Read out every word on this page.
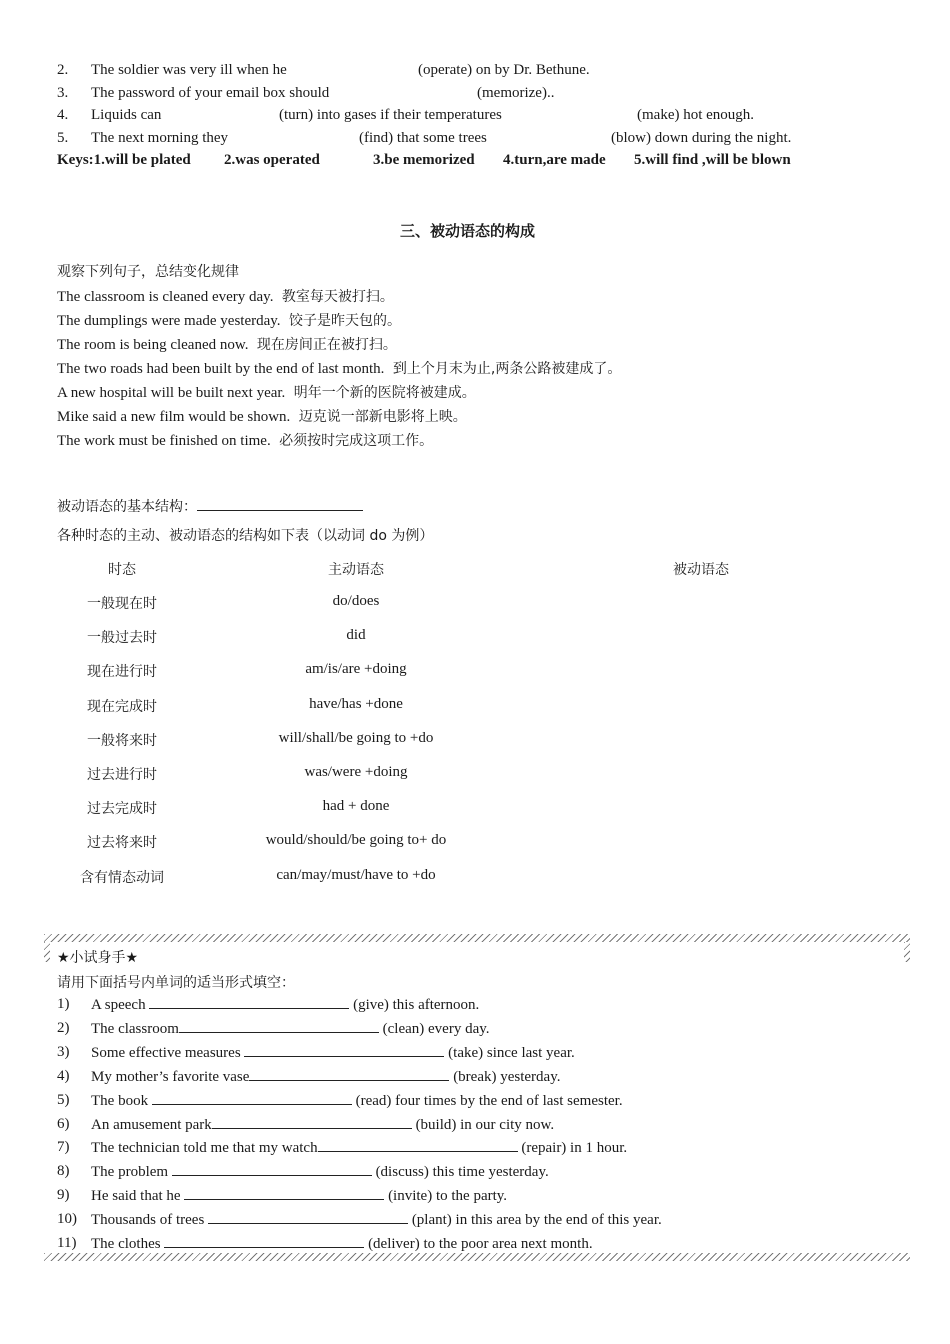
2. The soldier was very ill when he	(operate) on by Dr. Bethune.
3. The password of your email box should	(memorize)..
4. Liquids can	(turn) into gases if their temperatures	(make) hot enough.
5. The next morning they	(find) that some trees	(blow) down during the night.
Keys:1.will be plated 2.was operated	3.be memorized 4.turn,are made 5.will find ,will be blown
三、被动语态的构成
观察下列句子，总结变化规律
The classroom is cleaned every day. 教室每天被打扫。
The dumplings were made yesterday. 饺子是昨天包的。
The room is being cleaned now. 现在房间正在被打扫。
The two roads had been built by the end of last month. 到上个月末为止,两条公路被建成了。
A new hospital will be built next year. 明年一个新的医院将被建成。
Mike said a new film would be shown. 迈克说一部新电影将上映。
The work must be finished on time. 必须按时完成这项工作。
被动语态的基本结构：
各种时态的主动、被动语态的结构如下表（以动词 do 为例）
时态	主动语态	被动语态
一般现在时	do/does
一般过去时	did
现在进行时	am/is/are +doing
现在完成时	have/has +done
一般将来时	will/shall/be going to +do
过去进行时	was/were +doing
过去完成时	had + done
过去将来时	would/should/be going to+ do
含有情态动词	can/may/must/have to +do
★小试身手★
请用下面括号内单词的适当形式填空：
1) A speech	(give) this afternoon.
2) The classroom	(clean) every day.
3) Some effective measures	(take) since last year.
4) My mother’s favorite vase	(break) yesterday.
5) The book	(read) four times by the end of last semester.
6) An amusement park	(build) in our city now.
7) The technician told me that my watch	(repair) in 1 hour.
8) The problem	(discuss) this time yesterday.
9) He said that he	(invite) to the party.
10) Thousands of trees	(plant) in this area by the end of this year.
11) The clothes	(deliver) to the poor area next month.
